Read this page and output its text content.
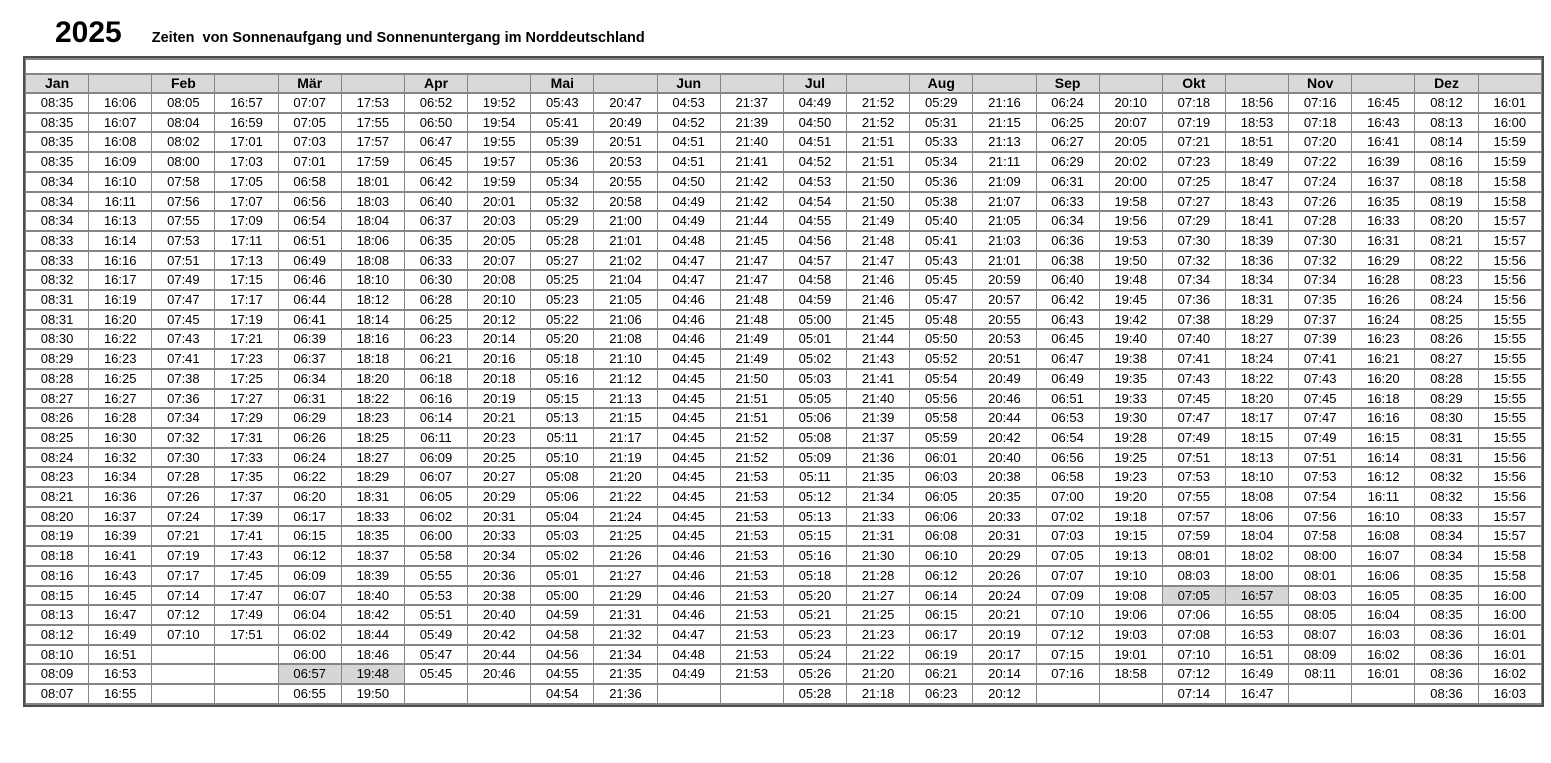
2025 Zeiten  von Sonnenaufgang und Sonnenuntergang im Norddeutschland

Jan		Feb		Mär		Apr		Mai		Jun		Jul		Aug		Sep		Okt		Nov		Dez	
08:35	16:06	08:05	16:57	07:07	17:53	06:52	19:52	05:43	20:47	04:53	21:37	04:49	21:52	05:29	21:16	06:24	20:10	07:18	18:56	07:16	16:45	08:12	16:01
08:35	16:07	08:04	16:59	07:05	17:55	06:50	19:54	05:41	20:49	04:52	21:39	04:50	21:52	05:31	21:15	06:25	20:07	07:19	18:53	07:18	16:43	08:13	16:00
08:35	16:08	08:02	17:01	07:03	17:57	06:47	19:55	05:39	20:51	04:51	21:40	04:51	21:51	05:33	21:13	06:27	20:05	07:21	18:51	07:20	16:41	08:14	15:59
08:35	16:09	08:00	17:03	07:01	17:59	06:45	19:57	05:36	20:53	04:51	21:41	04:52	21:51	05:34	21:11	06:29	20:02	07:23	18:49	07:22	16:39	08:16	15:59
08:34	16:10	07:58	17:05	06:58	18:01	06:42	19:59	05:34	20:55	04:50	21:42	04:53	21:50	05:36	21:09	06:31	20:00	07:25	18:47	07:24	16:37	08:18	15:58
08:34	16:11	07:56	17:07	06:56	18:03	06:40	20:01	05:32	20:58	04:49	21:42	04:54	21:50	05:38	21:07	06:33	19:58	07:27	18:43	07:26	16:35	08:19	15:58
08:34	16:13	07:55	17:09	06:54	18:04	06:37	20:03	05:29	21:00	04:49	21:44	04:55	21:49	05:40	21:05	06:34	19:56	07:29	18:41	07:28	16:33	08:20	15:57
08:33	16:14	07:53	17:11	06:51	18:06	06:35	20:05	05:28	21:01	04:48	21:45	04:56	21:48	05:41	21:03	06:36	19:53	07:30	18:39	07:30	16:31	08:21	15:57
08:33	16:16	07:51	17:13	06:49	18:08	06:33	20:07	05:27	21:02	04:47	21:47	04:57	21:47	05:43	21:01	06:38	19:50	07:32	18:36	07:32	16:29	08:22	15:56
08:32	16:17	07:49	17:15	06:46	18:10	06:30	20:08	05:25	21:04	04:47	21:47	04:58	21:46	05:45	20:59	06:40	19:48	07:34	18:34	07:34	16:28	08:23	15:56
08:31	16:19	07:47	17:17	06:44	18:12	06:28	20:10	05:23	21:05	04:46	21:48	04:59	21:46	05:47	20:57	06:42	19:45	07:36	18:31	07:35	16:26	08:24	15:56
08:31	16:20	07:45	17:19	06:41	18:14	06:25	20:12	05:22	21:06	04:46	21:48	05:00	21:45	05:48	20:55	06:43	19:42	07:38	18:29	07:37	16:24	08:25	15:55
08:30	16:22	07:43	17:21	06:39	18:16	06:23	20:14	05:20	21:08	04:46	21:49	05:01	21:44	05:50	20:53	06:45	19:40	07:40	18:27	07:39	16:23	08:26	15:55
08:29	16:23	07:41	17:23	06:37	18:18	06:21	20:16	05:18	21:10	04:45	21:49	05:02	21:43	05:52	20:51	06:47	19:38	07:41	18:24	07:41	16:21	08:27	15:55
08:28	16:25	07:38	17:25	06:34	18:20	06:18	20:18	05:16	21:12	04:45	21:50	05:03	21:41	05:54	20:49	06:49	19:35	07:43	18:22	07:43	16:20	08:28	15:55
08:27	16:27	07:36	17:27	06:31	18:22	06:16	20:19	05:15	21:13	04:45	21:51	05:05	21:40	05:56	20:46	06:51	19:33	07:45	18:20	07:45	16:18	08:29	15:55
08:26	16:28	07:34	17:29	06:29	18:23	06:14	20:21	05:13	21:15	04:45	21:51	05:06	21:39	05:58	20:44	06:53	19:30	07:47	18:17	07:47	16:16	08:30	15:55
08:25	16:30	07:32	17:31	06:26	18:25	06:11	20:23	05:11	21:17	04:45	21:52	05:08	21:37	05:59	20:42	06:54	19:28	07:49	18:15	07:49	16:15	08:31	15:55
08:24	16:32	07:30	17:33	06:24	18:27	06:09	20:25	05:10	21:19	04:45	21:52	05:09	21:36	06:01	20:40	06:56	19:25	07:51	18:13	07:51	16:14	08:31	15:56
08:23	16:34	07:28	17:35	06:22	18:29	06:07	20:27	05:08	21:20	04:45	21:53	05:11	21:35	06:03	20:38	06:58	19:23	07:53	18:10	07:53	16:12	08:32	15:56
08:21	16:36	07:26	17:37	06:20	18:31	06:05	20:29	05:06	21:22	04:45	21:53	05:12	21:34	06:05	20:35	07:00	19:20	07:55	18:08	07:54	16:11	08:32	15:56
08:20	16:37	07:24	17:39	06:17	18:33	06:02	20:31	05:04	21:24	04:45	21:53	05:13	21:33	06:06	20:33	07:02	19:18	07:57	18:06	07:56	16:10	08:33	15:57
08:19	16:39	07:21	17:41	06:15	18:35	06:00	20:33	05:03	21:25	04:45	21:53	05:15	21:31	06:08	20:31	07:03	19:15	07:59	18:04	07:58	16:08	08:34	15:57
08:18	16:41	07:19	17:43	06:12	18:37	05:58	20:34	05:02	21:26	04:46	21:53	05:16	21:30	06:10	20:29	07:05	19:13	08:01	18:02	08:00	16:07	08:34	15:58
08:16	16:43	07:17	17:45	06:09	18:39	05:55	20:36	05:01	21:27	04:46	21:53	05:18	21:28	06:12	20:26	07:07	19:10	08:03	18:00	08:01	16:06	08:35	15:58
08:15	16:45	07:14	17:47	06:07	18:40	05:53	20:38	05:00	21:29	04:46	21:53	05:20	21:27	06:14	20:24	07:09	19:08	07:05	16:57	08:03	16:05	08:35	16:00
08:13	16:47	07:12	17:49	06:04	18:42	05:51	20:40	04:59	21:31	04:46	21:53	05:21	21:25	06:15	20:21	07:10	19:06	07:06	16:55	08:05	16:04	08:35	16:00
08:12	16:49	07:10	17:51	06:02	18:44	05:49	20:42	04:58	21:32	04:47	21:53	05:23	21:23	06:17	20:19	07:12	19:03	07:08	16:53	08:07	16:03	08:36	16:01
08:10	16:51			06:00	18:46	05:47	20:44	04:56	21:34	04:48	21:53	05:24	21:22	06:19	20:17	07:15	19:01	07:10	16:51	08:09	16:02	08:36	16:01
08:09	16:53			06:57	19:48	05:45	20:46	04:55	21:35	04:49	21:53	05:26	21:20	06:21	20:14	07:16	18:58	07:12	16:49	08:11	16:01	08:36	16:02
08:07	16:55			06:55	19:50			04:54	21:36			05:28	21:18	06:23	20:12			07:14	16:47			08:36	16:03
